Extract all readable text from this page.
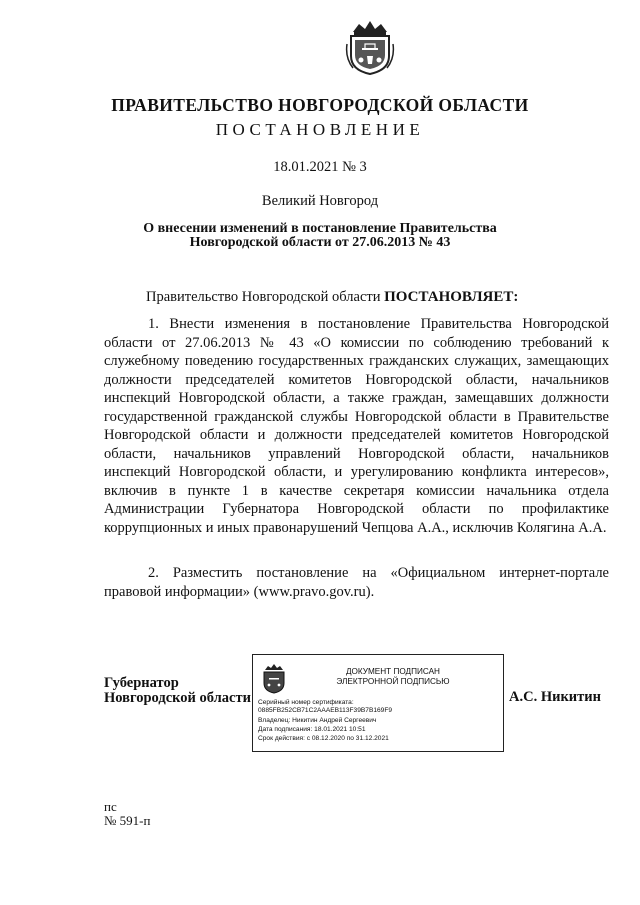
ПРАВИТЕЛЬСТВО НОВГОРОДСКОЙ ОБЛАСТИ
ПОСТАНОВЛЕНИЕ
18.01.2021 № 3
Великий Новгород
О внесении изменений в постановление Правительства
Новгородской области от 27.06.2013 № 43
Правительство Новгородской области ПОСТАНОВЛЯЕТ:
1. Внести изменения в постановление Правительства Новгородской области от 27.06.2013 № 43 «О комиссии по соблюдению требований к служебному поведению государственных гражданских служащих, замещающих должности председателей комитетов Новгородской области, начальников инспекций Новгородской области, а также граждан, замещавших должности государственной гражданской службы Новгородской области в Правительстве Новгородской области и должности председателей комитетов Новгородской области, начальников управлений Новгородской области, начальников инспекций Новгородской области, и урегулированию конфликта интересов», включив в пункте 1 в качестве секретаря комиссии начальника отдела Администрации Губернатора Новгородской области по профилактике коррупционных и иных правонарушений Чепцова А.А., исключив Колягина А.А.
2. Разместить постановление на «Официальном интернет-портале правовой информации» (www.pravo.gov.ru).
Губернатор
Новгородской области
ДОКУМЕНТ ПОДПИСАН
ЭЛЕКТРОННОЙ ПОДПИСЬЮ
Серийный номер сертификата:
0885FB252CB71C2AAAEB113F39B7B169F9
Владелец: Никитин Андрей Сергеевич
Дата подписания: 18.01.2021 10:51
Срок действия: с 08.12.2020 по 31.12.2021
А.С. Никитин
пс
№ 591-п
